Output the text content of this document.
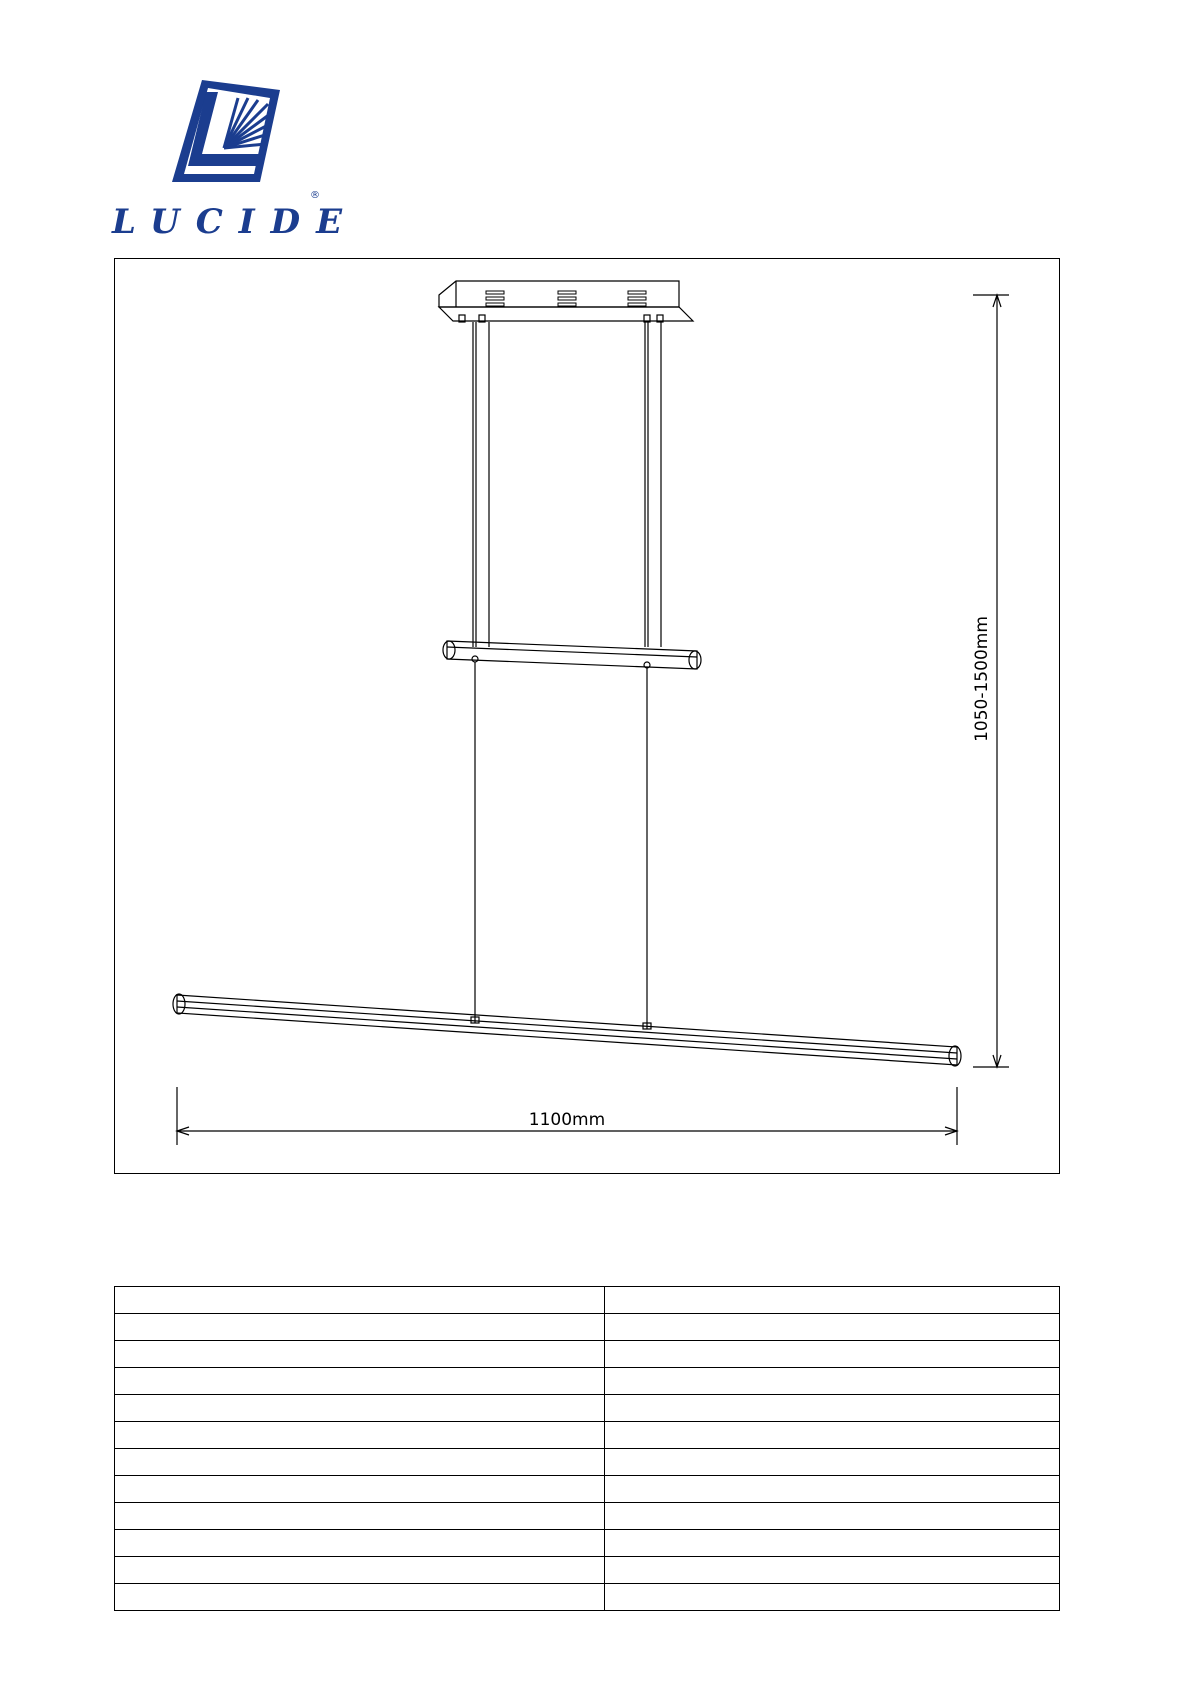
LUCIDE
®
1050-1500mm
1100mm
